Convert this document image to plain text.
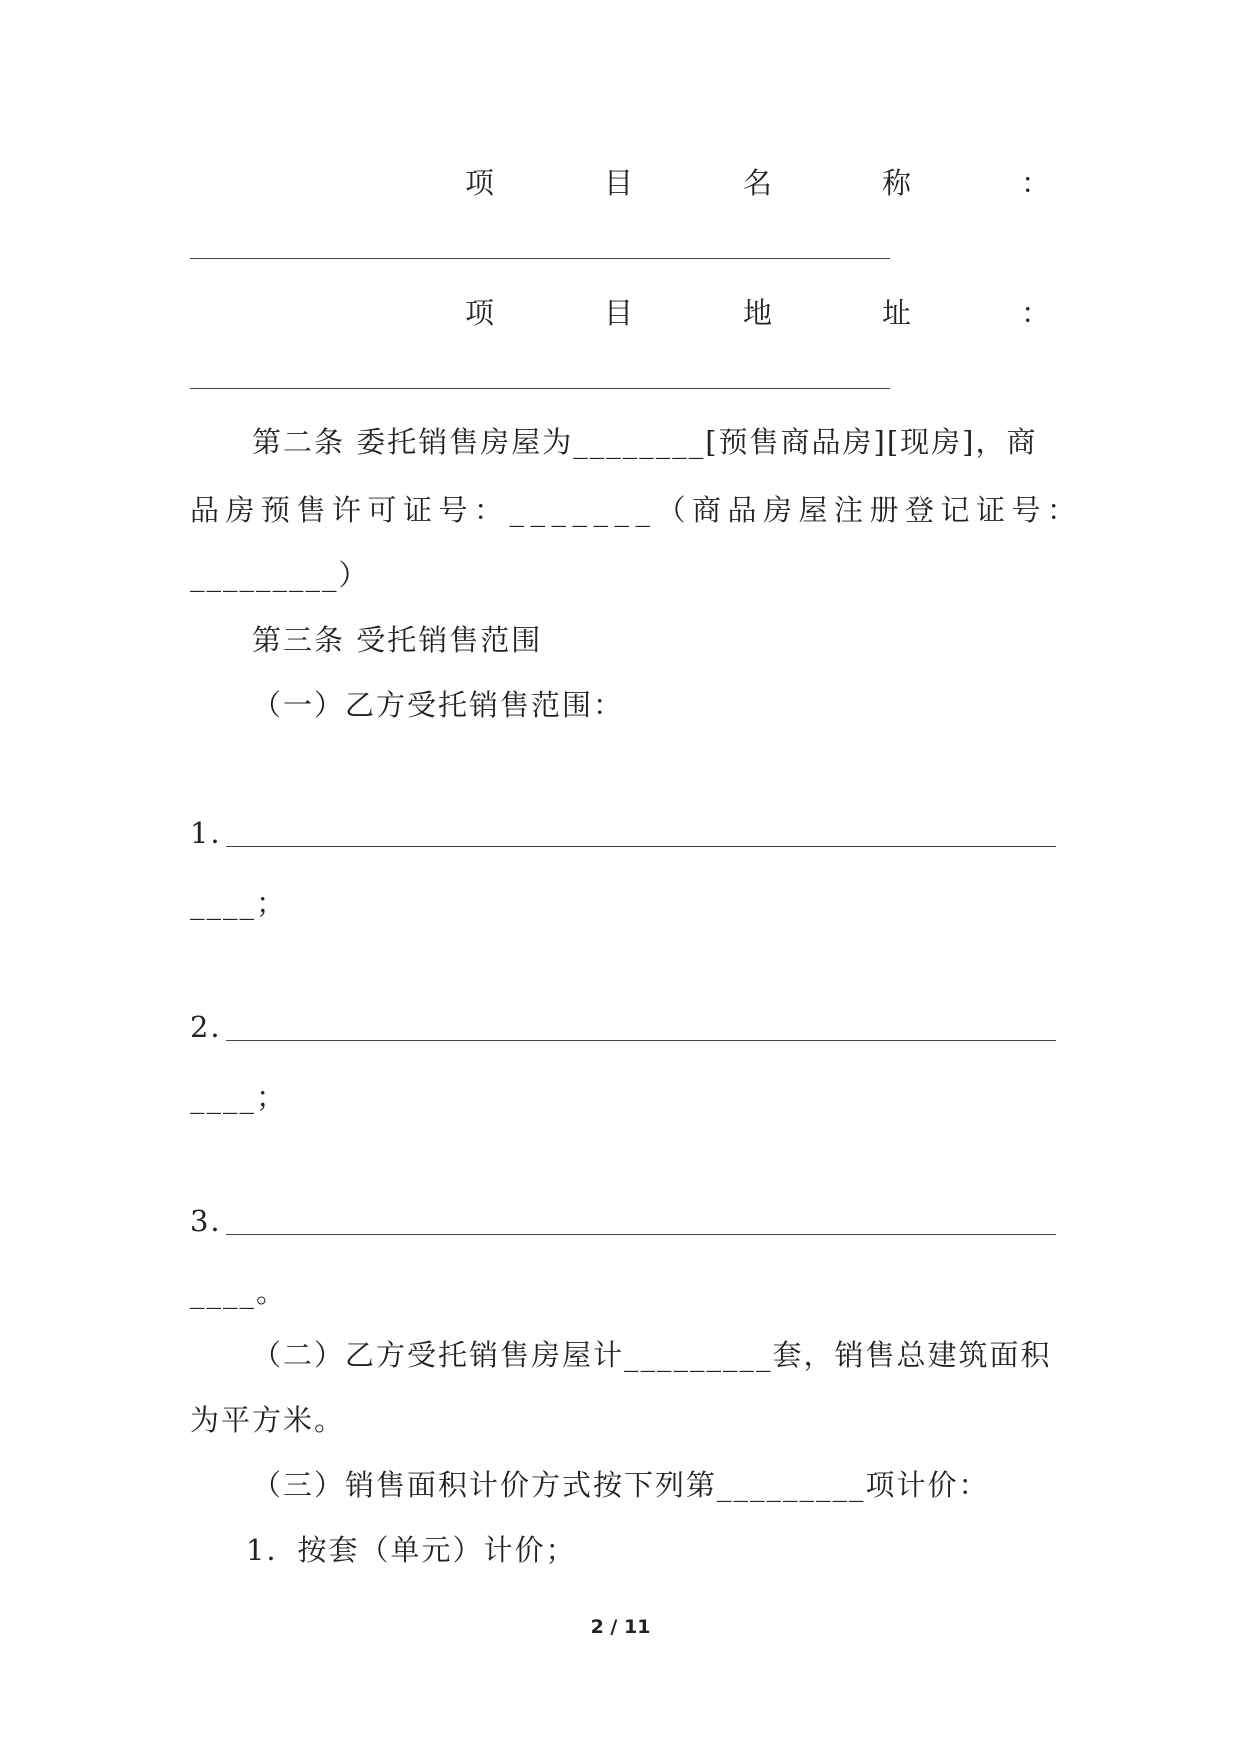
项	目	名	称	：
项	目	地	址	：
第二条 委托销售房屋为________[预售商品房][现房]，商
品房预售许可证号：_______（商品房屋注册登记证号：
_________）
第三条 受托销售范围
（一）乙方受托销售范围：
1．
____；
2．
____；
3．
____。
（二）乙方受托销售房屋计_________套，销售总建筑面积
为平方米。
（三）销售面积计价方式按下列第_________项计价：
1．按套（单元）计价；
2 / 11
